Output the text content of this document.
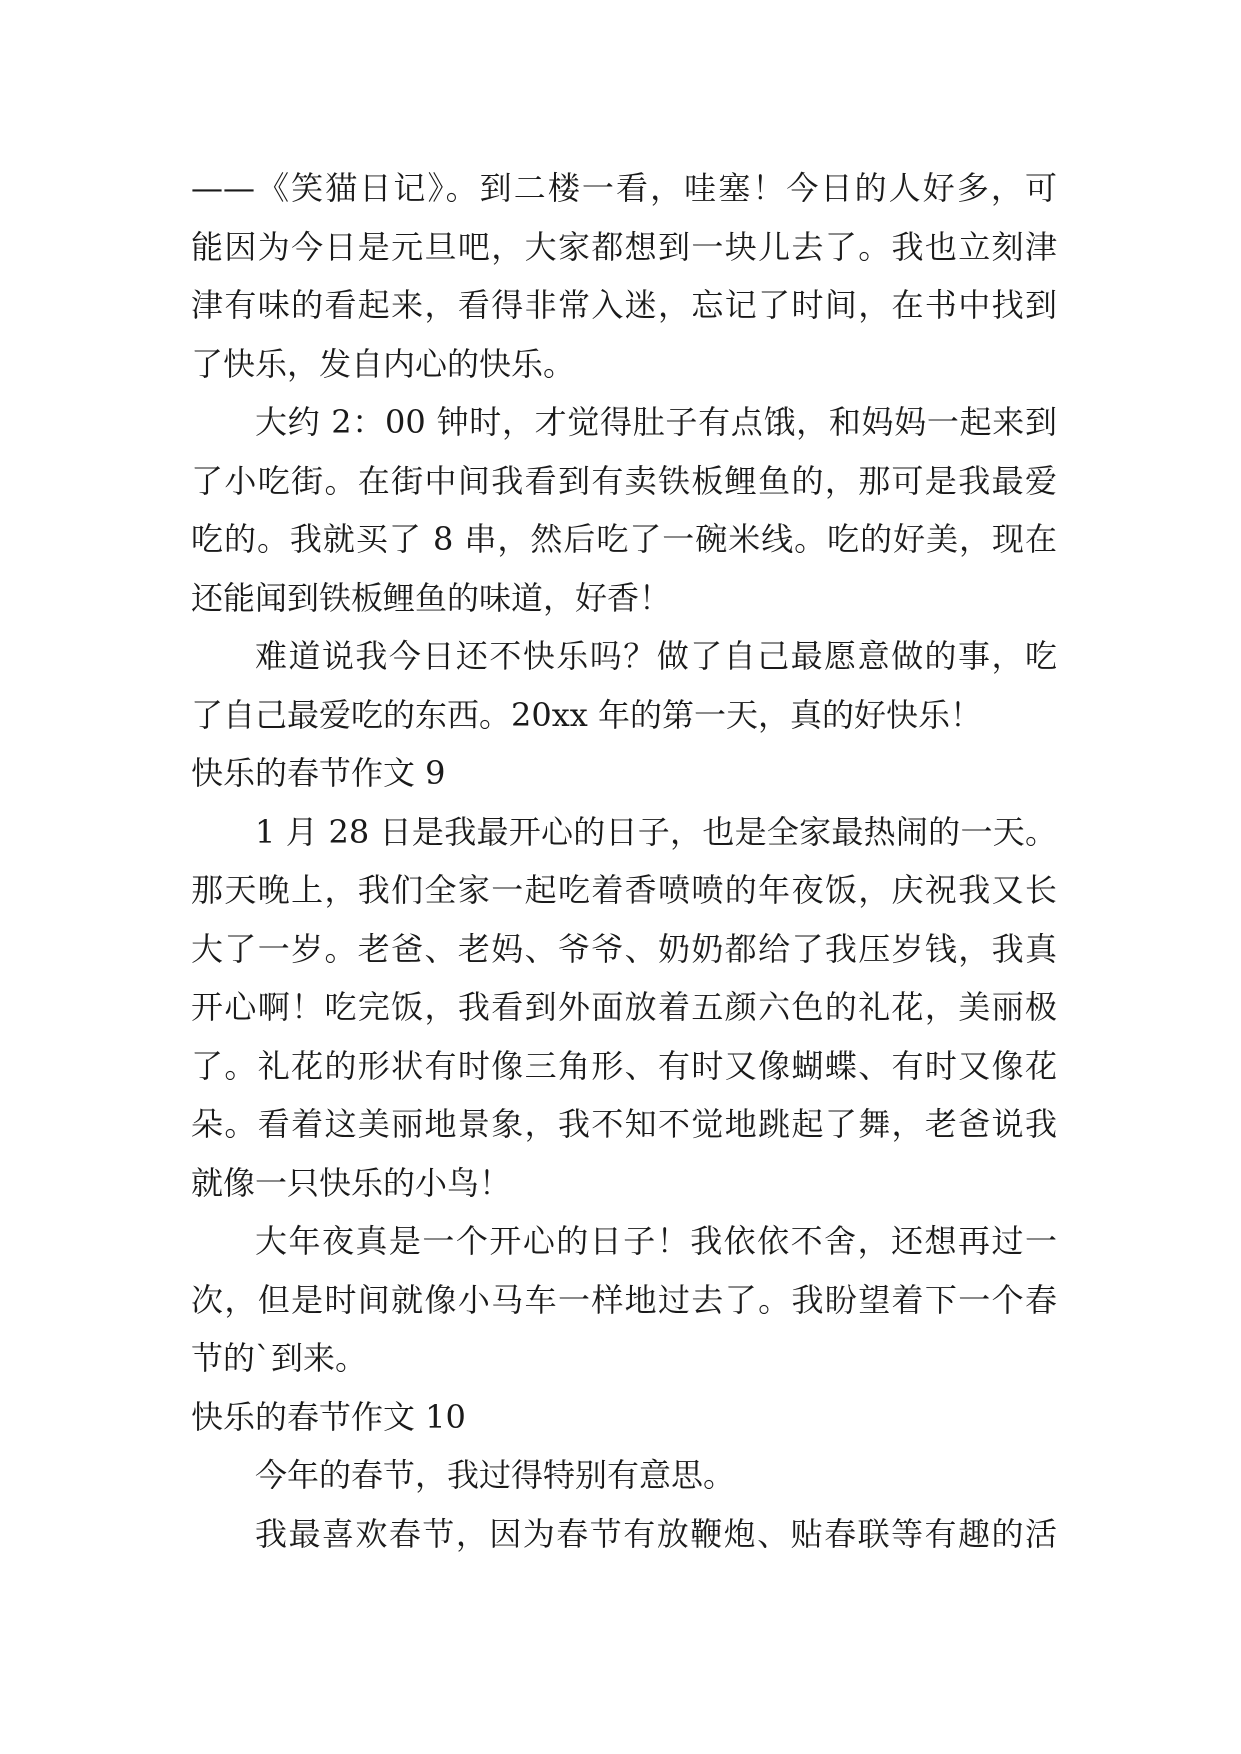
——《笑猫日记》。到二楼一看，哇塞！今日的人好多，可
能因为今日是元旦吧，大家都想到一块儿去了。我也立刻津
津有味的看起来，看得非常入迷，忘记了时间，在书中找到
了快乐，发自内心的快乐。
大约 2：00 钟时，才觉得肚子有点饿，和妈妈一起来到
了小吃街。在街中间我看到有卖铁板鲤鱼的，那可是我最爱
吃的。我就买了 8 串，然后吃了一碗米线。吃的好美，现在
还能闻到铁板鲤鱼的味道，好香！
难道说我今日还不快乐吗？做了自己最愿意做的事，吃
了自己最爱吃的东西。20xx 年的第一天，真的好快乐！
快乐的春节作文 9
1 月 28 日是我最开心的日子，也是全家最热闹的一天。
那天晚上，我们全家一起吃着香喷喷的年夜饭，庆祝我又长
大了一岁。老爸、老妈、爷爷、奶奶都给了我压岁钱，我真
开心啊！吃完饭，我看到外面放着五颜六色的礼花，美丽极
了。礼花的形状有时像三角形、有时又像蝴蝶、有时又像花
朵。看着这美丽地景象，我不知不觉地跳起了舞，老爸说我
就像一只快乐的小鸟！
大年夜真是一个开心的日子！我依依不舍，还想再过一
次，但是时间就像小马车一样地过去了。我盼望着下一个春
节的`到来。
快乐的春节作文 10
今年的春节，我过得特别有意思。
我最喜欢春节，因为春节有放鞭炮、贴春联等有趣的活
